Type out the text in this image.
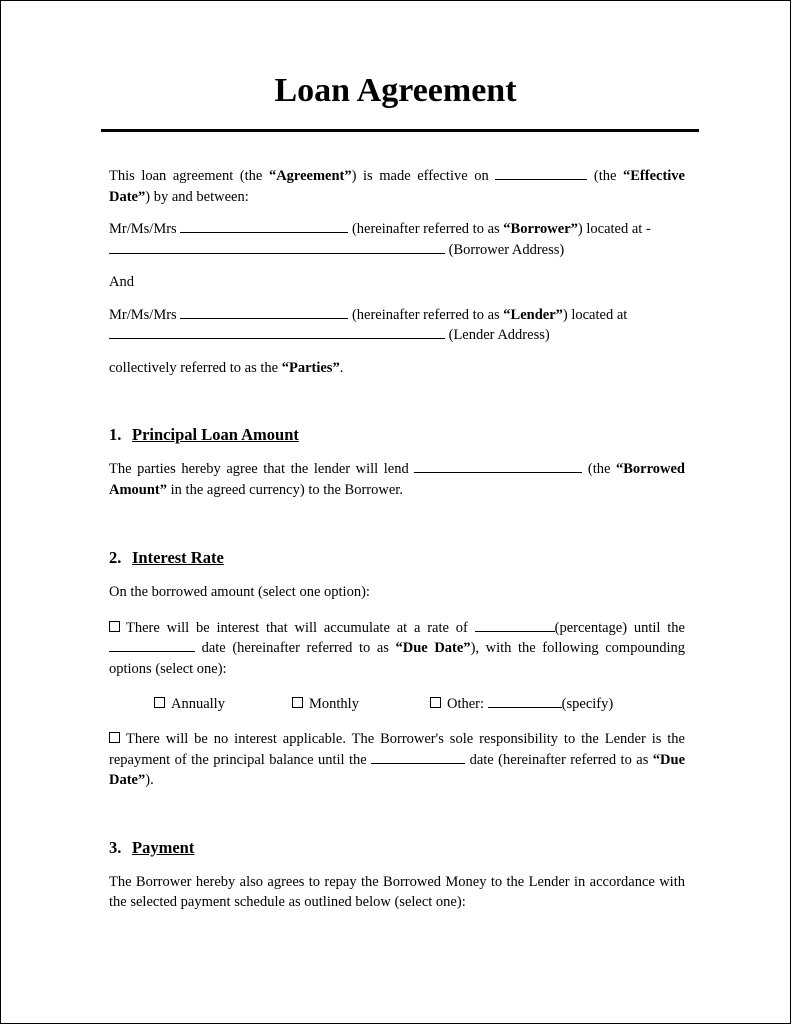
Loan Agreement

This loan agreement (the “Agreement”) is made effective on	(the “Effective Date”) by and between:

Mr/Ms/Mrs	(hereinafter referred to as “Borrower”) located at -
(Borrower Address)

And

Mr/Ms/Mrs	(hereinafter referred to as “Lender”) located at
(Lender Address)

collectively referred to as the “Parties”.

1. Principal Loan Amount

The parties hereby agree that the lender will lend	(the “Borrowed Amount” in the agreed currency) to the Borrower.

2. Interest Rate

On the borrowed amount (select one option):

There will be interest that will accumulate at a rate of	(percentage) until the  date (hereinafter referred to as “Due Date”), with the following compounding options (select one):

Annually	Monthly	Other:	(specify)

There will be no interest applicable. The Borrower's sole responsibility to the Lender is the repayment of the principal balance until the	date (hereinafter referred to as “Due Date”).

3. Payment

The Borrower hereby also agrees to repay the Borrowed Money to the Lender in accordance with the selected payment schedule as outlined below (select one):
